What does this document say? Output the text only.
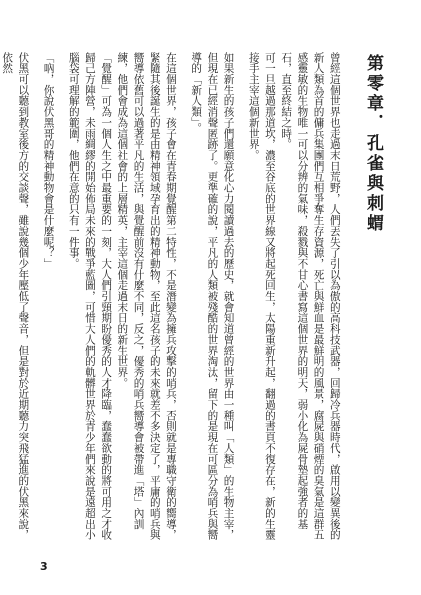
第零章．孔雀與刺蝟

曾經這個世界也走過末日荒野，人們丟失了引以為傲的高科技武器，回歸冷兵器時代，啟用以變異後的新人類為首的傭兵集團們互相爭奪生存資源，死亡與鮮血是最鮮明的風景，腐屍與硝煙的臭氣是這群五感靈敏的生物唯一可以分辨的氣味，殺戮與不甘心書寫這個世界的明天，弱小化為屍骨墊起強者的基石，直至終結之時。

可一旦越過那道坎，濃至谷底的世界線又將起死回生，太陽重新升起，翻過的書頁不復存在，新的生靈接手主宰這個新世界。

如果新生的孩子們還願意化心力閱讀過去的歷史，就會知道曾經的世界由一種叫「人類」的生物主宰，但現在已經消聲匿跡了。更準確的說，平凡的人類被殘酷的世界淘汰，留下的是現在可區分為哨兵與嚮導的「新人類」。

在這個世界，孩子會在青春期覺醒第二特性，不是潛變為擁兵攻擊的哨兵，否則就是專職守衛的嚮導，緊隨其後誕生的是由精神領域孕育出的精神動物，至此這名孩子的未來就差不多決定了，平庸的哨兵與嚮導依舊可以過著平凡的生活，與覺醒前沒有什麼不同，反之，優秀的哨兵嚮導會被帶進「塔」內訓練，他們會成為這個社會的上層精英，主宰這個走過末日的新生世界。

「覺醒」可為一個人生之中最重要的一刻，大人們引頸期盼優秀的人才降臨，蠢蠢欲動的將可用之才收歸己方陣營，未雨綢繆的開始佈局未來的戰爭藍圖，可惜大人們的軌髒世界於青少年們來說是遠超出小腦袋可理解的範圍，他們在意的只有一件事。

「吶，你說伏黑哥的精神動物會是什麼呢？」

伏黑可以聽到教室後方的交談聲，雖說幾個少年壓低了聲音，但是對於近期聽力突飛猛進的伏黑來說，依然

3
